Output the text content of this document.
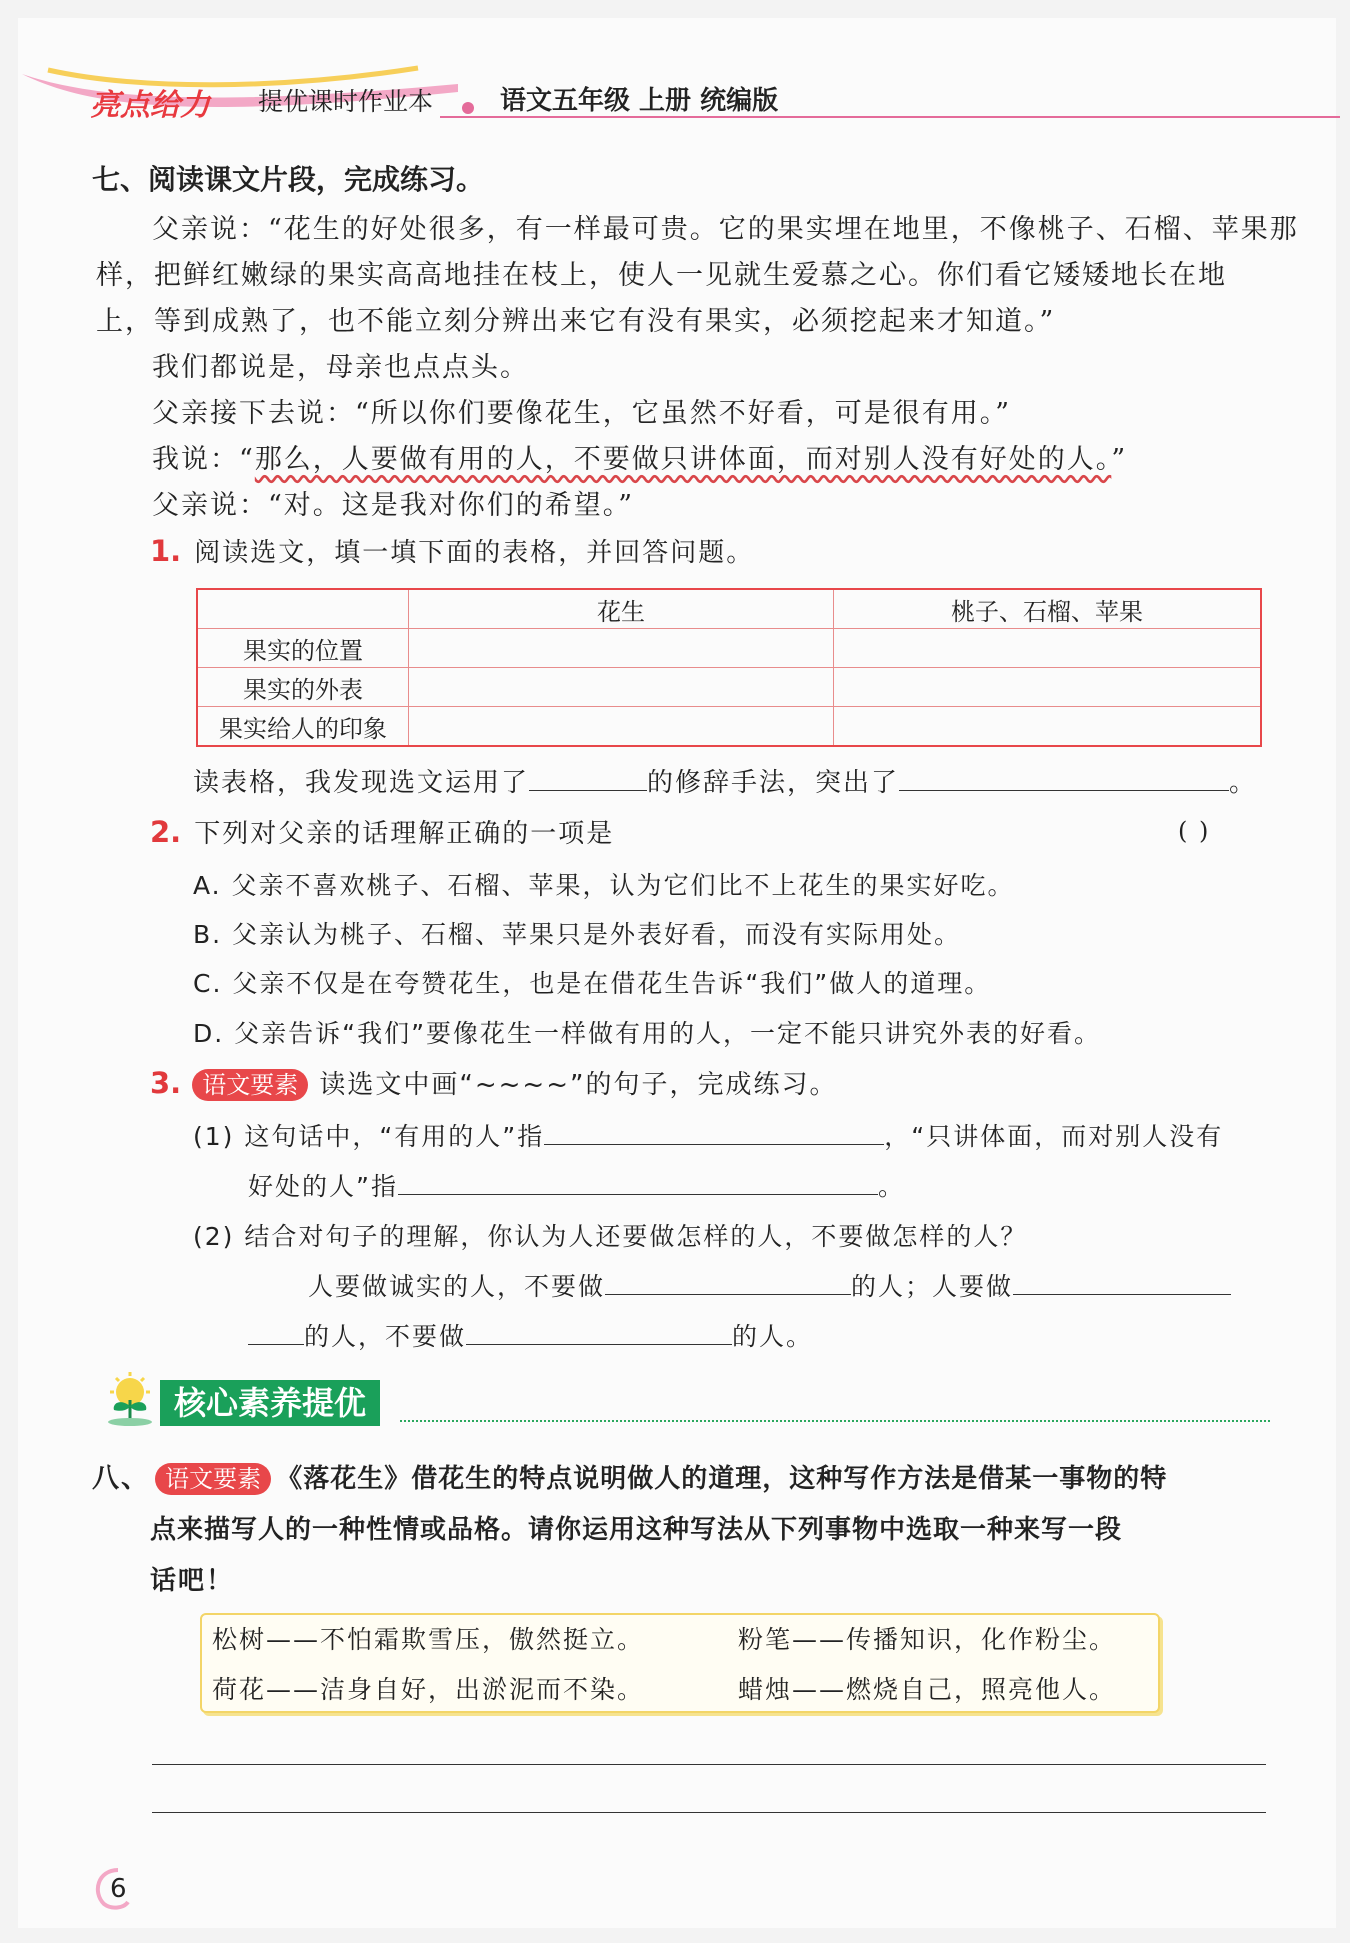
亮点给力 提优课时作业本	语文五年级 上册 统编版
七、阅读课文片段，完成练习。
父亲说：“花生的好处很多，有一样最可贵。它的果实埋在地里，不像桃子、石榴、苹果那
样，把鲜红嫩绿的果实高高地挂在枝上，使人一见就生爱慕之心。你们看它矮矮地长在地
上，等到成熟了，也不能立刻分辨出来它有没有果实，必须挖起来才知道。”
我们都说是，母亲也点点头。
父亲接下去说：“所以你们要像花生，它虽然不好看，可是很有用。”
我说：“那么，人要做有用的人，不要做只讲体面，而对别人没有好处的人。”
父亲说：“对。这是我对你们的希望。”
1. 阅读选文，填一填下面的表格，并回答问题。
	花生	桃子、石榴、苹果
果实的位置		
果实的外表		
果实给人的印象		
读表格，我发现选文运用了	的修辞手法，突出了	。
2. 下列对父亲的话理解正确的一项是	( )
A. 父亲不喜欢桃子、石榴、苹果，认为它们比不上花生的果实好吃。
B. 父亲认为桃子、石榴、苹果只是外表好看，而没有实际用处。
C. 父亲不仅是在夸赞花生，也是在借花生告诉“我们”做人的道理。
D. 父亲告诉“我们”要像花生一样做有用的人，一定不能只讲究外表的好看。
3. 语文要素 读选文中画“~~~~”的句子，完成练习。
(1) 这句话中，“有用的人”指	，“只讲体面，而对别人没有
好处的人”指	。
(2) 结合对句子的理解，你认为人还要做怎样的人，不要做怎样的人？
人要做诚实的人，不要做	的人；人要做
的人，不要做	的人。
核心素养提优
八、 语文要素 《落花生》借花生的特点说明做人的道理，这种写作方法是借某一事物的特
点来描写人的一种性情或品格。请你运用这种写法从下列事物中选取一种来写一段
话吧！
松树——不怕霜欺雪压，傲然挺立。	粉笔——传播知识，化作粉尘。
荷花——洁身自好，出淤泥而不染。	蜡烛——燃烧自己，照亮他人。
6
